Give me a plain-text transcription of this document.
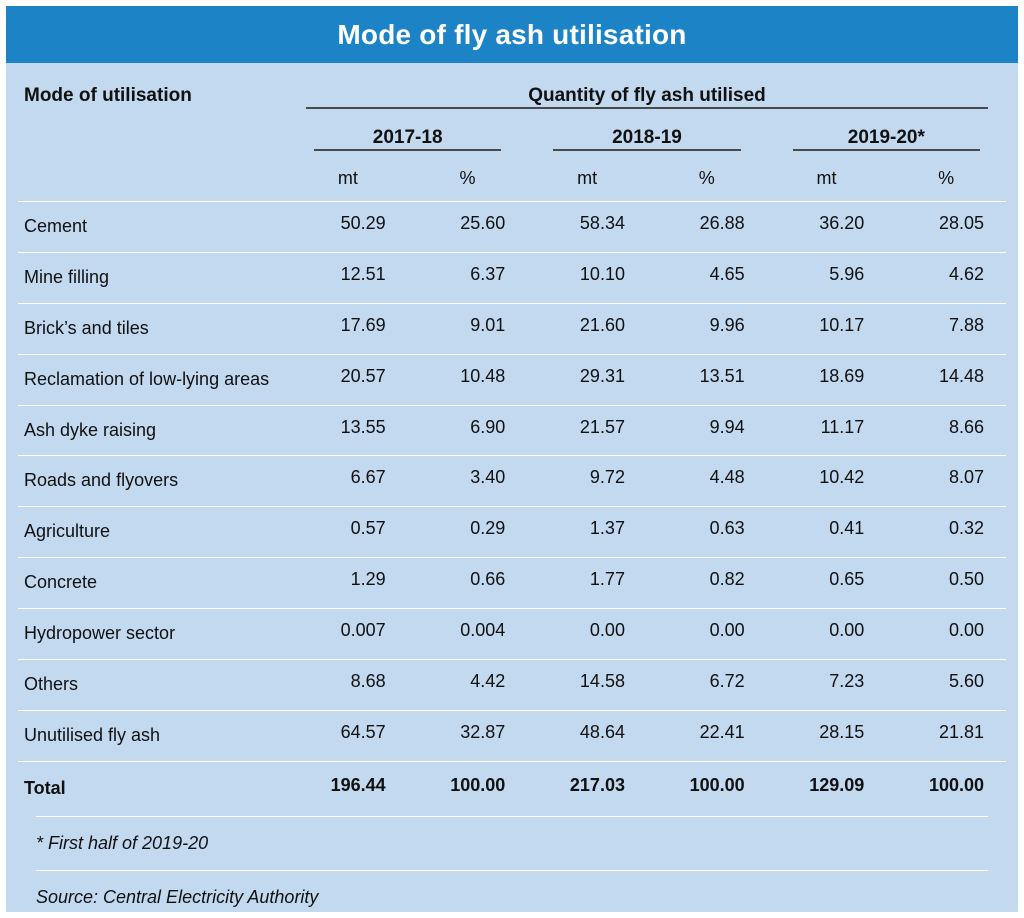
Mode of fly ash utilisation
Mode of utilisation	Quantity of fly ash utilised					

	2017-18		2018-19		2019-20*	

	mt	%	mt	%	mt	%
Cement	50.29	25.60	58.34	26.88	36.20	28.05
Mine filling	12.51	6.37	10.10	4.65	5.96	4.62
Brick’s and tiles	17.69	9.01	21.60	9.96	10.17	7.88
Reclamation of low-lying areas	20.57	10.48	29.31	13.51	18.69	14.48
Ash dyke raising	13.55	6.90	21.57	9.94	11.17	8.66
Roads and flyovers	6.67	3.40	9.72	4.48	10.42	8.07
Agriculture	0.57	0.29	1.37	0.63	0.41	0.32
Concrete	1.29	0.66	1.77	0.82	0.65	0.50
Hydropower sector	0.007	0.004	0.00	0.00	0.00	0.00
Others	8.68	4.42	14.58	6.72	7.23	5.60
Unutilised fly ash	64.57	32.87	48.64	22.41	28.15	21.81
Total	196.44	100.00	217.03	100.00	129.09	100.00
* First half of 2019-20
Source: Central Electricity Authority
